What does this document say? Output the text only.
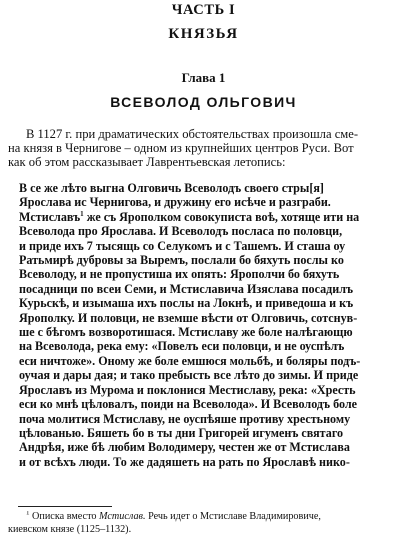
ЧАСТЬ I
КНЯЗЬЯ
Глава 1
ВСЕВОЛОД ОЛЬГОВИЧ
В 1127 г. при драматических обстоятельствах произошла сме-
на князя в Чернигове – одном из крупнейших центров Руси. Вот
как об этом рассказывает Лаврентьевская летопись:
В се же лѣто выгна Олговичь Всеволодъ своего стры[я]
Ярослава ис Чернигова, и дружину его исѣче и разграби.
Мстиславъ$^1$ же съ Ярополком совокуписта воѣ, хотяще ити на
Всеволода про Ярослава. И Всеволодъ посласа по половци,
и приде ихъ 7 тысящь со Селукомъ и с Ташемъ. И сташа оу
Ратьмирѣ дубровы за Выремъ, послали бо бяхуть послы ко
Всеволоду, и не пропустиша их опять: Ярополчи бо бяхуть
посадници по всеи Семи, и Мстиславича Изяслава посадилъ
Курьскѣ, и изымаша ихъ послы на Локнѣ, и приведоша и къ
Ярополку. И половци, не вземше вѣсти от Олговичь, сотснув-
ше с бѣгомъ возворотишася. Мстиславу же боле налѣгающю
на Всеволода, река ему: «Повелъ еси половци, и не оуспѣлъ
еси ничтоже». Оному же боле емшюся мольбѣ, и боляры подъ-
оучая и дары дая; и тако пребысть все лѣто до зимы. И приде
Ярославъ из Мурома и поклонися Местиславу, река: «Хресть
еси ко мнѣ цѣловалъ, поиди на Всеволода». И Всеволодъ боле
поча молитися Мстиславу, не оуспѣяше противу хрестьному
цѣлованью. Бяшеть бо в ты дни Григорей игуменъ святаго
Андрѣя, иже бѣ любим Володимеру, честен же от Мстислава
и от всѣхъ люди. То же дадяшеть на рать по Ярославѣ нико-
$^1$ Описка вместо Мстислав. Речь идет о Мстиславе Владимировиче,
киевском князе (1125–1132).
